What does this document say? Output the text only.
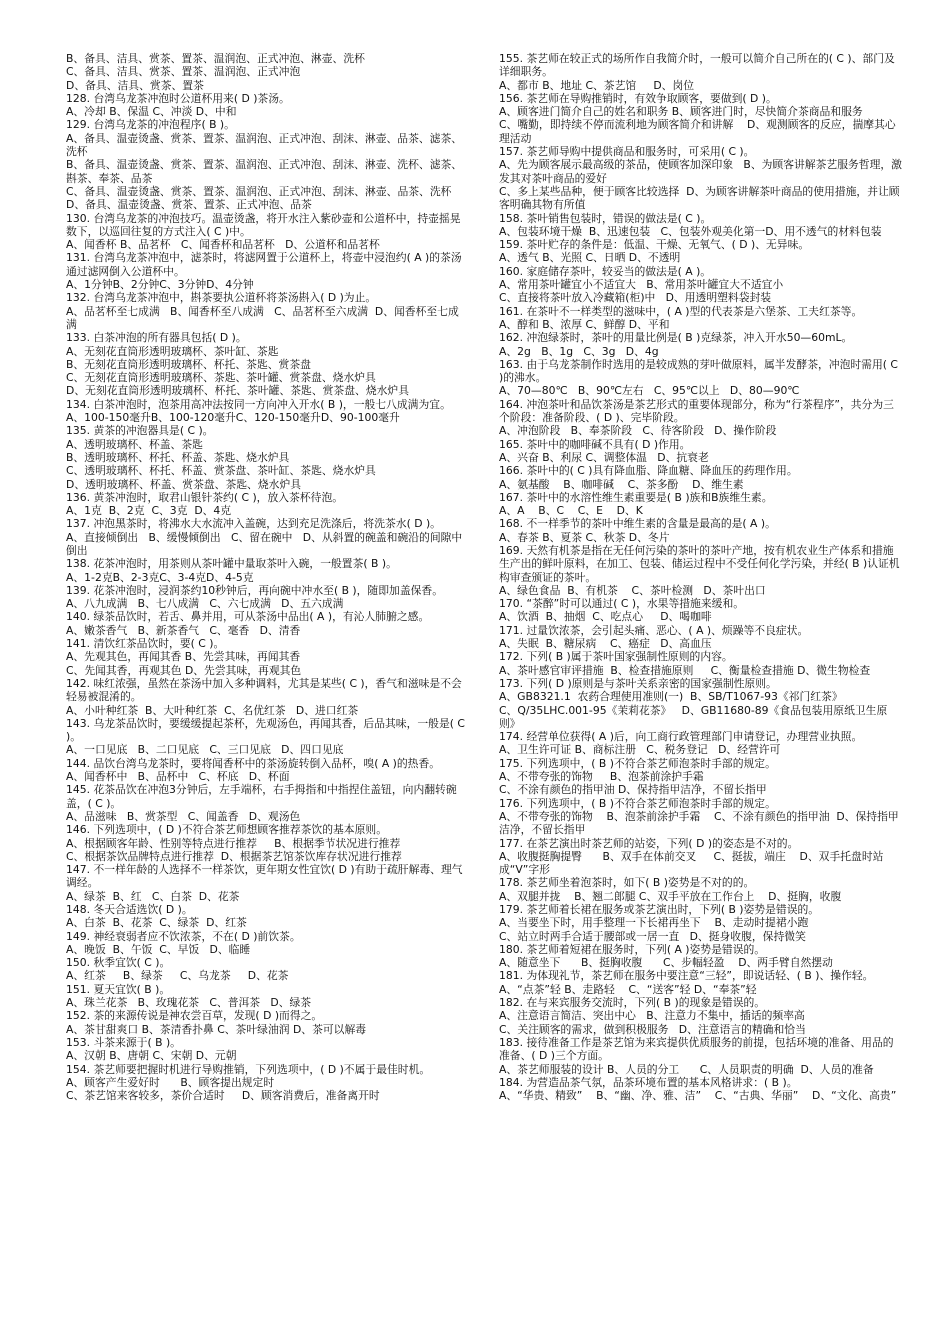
B、备具、洁具、赏茶、置茶、温润泡、正式冲泡、淋壶、洗杯
C、备具、洁具、赏茶、置茶、温润泡、正式冲泡
D、备具、洁具、赏茶、置茶
128. 台湾乌龙茶冲泡时公道杯用来( D )茶汤。
A、冷却 B、保温 C、冲淡 D、中和
129. 台湾乌龙茶的冲泡程序( B )。
A、备具、温壶烫盏、赏茶、置茶、温润泡、正式冲泡、刮沫、淋壶、品茶、滤茶、洗杯
B、备具、温壶烫盏、赏茶、置茶、温润泡、正式冲泡、刮沫、淋壶、洗杯、滤茶、斟茶、奉茶、品茶
C、备具、温壶烫盏、赏茶、置茶、温润泡、正式冲泡、刮沫、淋壶、品茶、洗杯
D、备具、温壶烫盏、赏茶、置茶、正式冲泡、品茶
130. 台湾乌龙茶的冲泡技巧。温壶烫盏，将开水注入紫砂壶和公道杯中，持壶摇晃数下，以巡回往复的方式注入( C )中。
A、闻香杯 B、品茗杯   C、闻香杯和品茗杯   D、公道杯和品茗杯
131. 台湾乌龙茶冲泡中，滤茶时，将滤网置于公道杯上，将壶中浸泡约( A )的茶汤通过滤网倒入公道杯中。
A、1分钟B、2分钟C、3分钟D、4分钟
132. 台湾乌龙茶冲泡中，斟茶要执公道杯将茶汤斟入( D )为止。
A、品茗杯至七成满   B、闻香杯至八成满   C、品茗杯至六成满  D、闻香杯至七成满
133. 白茶冲泡的所有器具包括( D )。
A、无刻花直筒形透明玻璃杯、茶叶缸、茶匙
B、无刻花直筒形透明玻璃杯、杯托、茶匙、赏茶盘
C、无刻花直筒形透明玻璃杯、茶匙、茶叶罐、赏茶盘、烧水炉具
D、无刻花直筒形透明玻璃杯、杯托、茶叶罐、茶匙、赏茶盘、烧水炉具
134. 白茶冲泡时，泡茶用高冲法按同一方向冲入开水( B )，一般七八成满为宜。
A、100-150毫升B、100-120毫升C、120-150毫升D、90-100毫升
135. 黄茶的冲泡器具是( C )。
A、透明玻璃杯、杯盖、茶匙
B、透明玻璃杯、杯托、杯盖、茶匙、烧水炉具
C、透明玻璃杯、杯托、杯盖、赏茶盘、茶叶缸、茶匙、烧水炉具
D、透明玻璃杯、杯盖、赏茶盘、茶匙、烧水炉具
136. 黄茶冲泡时，取君山银针茶约( C )，放入茶杯待泡。
A、1克  B、2克  C、3克  D、4克
137. 冲泡黑茶时，将沸水大水流冲入盖碗，达到充足洗涤后，将洗茶水( D )。
A、直接倾倒出   B、缓慢倾倒出   C、留在碗中   D、从斜置的碗盖和碗沿的间隙中倒出
138. 花茶冲泡时，用茶则从茶叶罐中量取茶叶入碗，一般置茶( B )。
A、1-2克B、2-3克C、3-4克D、4-5克
139. 花茶冲泡时，浸润茶约10秒钟后，再向碗中冲水至( B )，随即加盖保香。
A、八九成满   B、七八成满   C、六七成满   D、五六成满
140. 绿茶品饮时，若舌、鼻并用，可从茶汤中品出( A )，有沁人肺腑之感。
A、嫩茶香气   B、新茶香气   C、毫香   D、清香
141. 清饮红茶品饮时，要( C )。
A、先观其色，再闻其香 B、先尝其味，再闻其香
C、先闻其香，再观其色 D、先尝其味，再观其色
142. 味红浓强，虽然在茶汤中加入多种调料，尤其是某些( C )，香气和滋味是不会轻易被混淆的。
A、小叶种红茶  B、大叶种红茶  C、名优红茶   D、进口红茶
143. 乌龙茶品饮时，要缓缓提起茶杯，先观汤色，再闻其香，后品其味，一般是( C )。
A、一口见底   B、二口见底   C、三口见底   D、四口见底
144. 品饮台湾乌龙茶时，要将闻香杯中的茶汤旋转倒入品杯，嗅( A )的热香。
A、闻香杯中   B、品杯中   C、杯底   D、杯面
145. 花茶品饮在冲泡3分钟后，左手端杯，右手拇指和中指捏住盖钮，向内翻转碗盖，( C )。
A、品滋味   B、赏茶型   C、闻盖香   D、观汤色
146. 下列选项中，( D )不符合茶艺师想顾客推荐茶饮的基本原则。
A、根据顾客年龄、性别等特点进行推荐     B、根据季节状况进行推荐
C、根据茶饮品牌特点进行推荐  D、根据茶艺馆茶饮库存状况进行推荐
147. 不一样年龄的人选择不一样茶饮，更年期女性宜饮( D )有助于疏肝解毒、理气调经。
A、绿茶  B、红   C、白茶  D、花茶
148. 冬天合适选饮( D )。
A、白茶  B、花茶  C、绿茶  D、红茶
149. 神经衰弱者应不饮浓茶，不在( D )前饮茶。
A、晚饭  B、午饭  C、早饭   D、临睡
150. 秋季宜饮( C )。
A、红茶     B、绿茶     C、乌龙茶     D、花茶
151. 夏天宜饮( B )。
A、珠兰花茶   B、玫瑰花茶   C、普洱茶   D、绿茶
152. 茶的来源传说是神农尝百草，发现( D )而得之。
A、茶甘甜爽口 B、茶清香扑鼻 C、茶叶绿油润 D、茶可以解毒
153. 斗茶来源于( B )。
A、汉朝 B、唐朝 C、宋朝 D、元朝
154. 茶艺师要把握时机进行导购推销，下列选项中，( D )不属于最佳时机。
A、顾客产生爱好时      B、顾客提出规定时
C、茶艺馆来客较多，茶价合适时     D、顾客消费后，准备离开时
155. 茶艺师在较正式的场所作自我简介时，一般可以简介自己所在的( C )、部门及详细职务。
A、都市 B、地址 C、茶艺馆     D、岗位
156. 茶艺师在导购推销时，有效争取顾客，要做到( D )。
A、顾客进门简介自己的姓名和职务 B、顾客进门时，尽快简介茶商品和服务
C、嘴勤，即持续不停而流利地为顾客简介和讲解    D、观测顾客的反应，揣摩其心理活动
157. 茶艺师导购中提供商品和服务时，可采用( C )。
A、先为顾客展示最高级的茶品，使顾客加深印象   B、为顾客讲解茶艺服务哲理，激发其对茶叶商品的爱好
C、多上某些品种，便于顾客比较选择  D、为顾客讲解茶叶商品的使用措施，并让顾客明确其物有所值
158. 茶叶销售包装时，错误的做法是( C )。
A、包装环境干燥  B、迅速包装   C、包装外观美化第一D、用不透气的材料包装
159. 茶叶贮存的条件是：低温、干燥、无氧气、( D )、无异味。
A、透气 B、光照 C、日晒 D、不透明
160. 家庭储存茶叶，较妥当的做法是( A )。
A、常用茶叶罐宜小不适宜大   B、常用茶叶罐宜大不适宜小
C、直接将茶叶放入冷藏箱(柜)中   D、用透明塑料袋封装
161. 在茶叶不一样类型的滋味中，( A )型的代表茶是六堡茶、工夫红茶等。
A、醇和 B、浓厚 C、鲜醇 D、平和
162. 冲泡绿茶时，茶叶的用量比例是( B )克绿茶，冲入开水50—60mL。
A、2g   B、1g   C、3g   D、4g
163. 由于乌龙茶制作时选用的是较成熟的芽叶做原料，属半发酵茶，冲泡时需用( C )的沸水。
A、70—80℃   B、90℃左右   C、95℃以上   D、80—90℃
164. 冲泡茶叶和品饮茶汤是茶艺形式的重要体现部分，称为“行茶程序”，共分为三个阶段：准备阶段、( D )、完毕阶段。
A、冲泡阶段   B、奉茶阶段   C、待客阶段   D、操作阶段
165. 茶叶中的咖啡碱不具有( D )作用。
A、兴奋 B、利尿 C、调整体温   D、抗衰老
166. 茶叶中的( C )具有降血脂、降血糖、降血压的药理作用。
A、氨基酸    B、咖啡碱    C、茶多酚    D、维生素
167. 茶叶中的水溶性维生素重要是( B )族和B族维生素。
A、A    B、C    C、E    D、K
168. 不一样季节的茶叶中维生素的含量是最高的是( A )。
A、春茶 B、夏茶 C、秋茶 D、冬片
169. 天然有机茶是指在无任何污染的茶叶的茶叶产地，按有机农业生产体系和措施生产出的鲜叶原料，在加工、包装、储运过程中不受任何化学污染，并经( B )认证机构审查颁证的茶叶。
A、绿色食品  B、有机茶    C、茶叶检测   D、茶叶出口
170. “茶醉”时可以通过( C )，水果等措施来缓和。
A、饮酒  B、抽烟  C、吃点心     D、喝咖啡
171. 过量饮浓茶，会引起头痛、恶心、( A )、烦躁等不良症状。
A、失眠  B、糖尿病    C、癌症   D、高血压
172. 下列( B )属于茶叶国家强制性原则的内容。
A、茶叶感官审评措施  B、检查措施原则     C、衡量检查措施 D、微生物检查
173. 下列( D )原则是与茶叶关系亲密的国家强制性原则。
A、GB8321.1  农药合理使用准则(一)  B、SB/T1067-93《祁门红茶》
C、Q/35LHC.001-95《茉莉花茶》   D、GB11680-89《食品包装用原纸卫生原则》
174. 经营单位获得( A )后，向工商行政管理部门申请登记，办理营业执照。
A、卫生许可证 B、商标注册   C、税务登记   D、经营许可
175. 下列选项中，( B )不符合茶艺师泡茶时手部的规定。
A、不带夸张的饰物     B、泡茶前涂护手霜
C、不涂有颜色的指甲油 D、保持指甲洁净，不留长指甲
176. 下列选项中，( B )不符合茶艺师泡茶时手部的规定。
A、不带夸张的饰物    B、泡茶前涂护手霜    C、不涂有颜色的指甲油  D、保持指甲洁净，不留长指甲
177. 在茶艺演出时茶艺师的站姿，下列( D )的姿态是不对的。
A、收腹挺胸提臀      B、双手在体前交叉     C、挺拔，端庄    D、双手托盘时站成“V”字形
178. 茶艺师坐着泡茶时，如下( B )姿势是不对的的。
A、双腿并拢    B、翘二郎腿 C、双手平放在工作台上    D、挺胸，收腹
179. 茶艺师着长裙在服务或茶艺演出时，下列( B )姿势是错误的。
A、当要坐下时，用手整理一下长裙再坐下    B、走动时提裙小跑
C、站立时两手合适于腰部或一居一直   D、挺身收腹，保持微笑
180. 茶艺师着短裙在服务时，下列( A )姿势是错误的。
A、随意坐下      B、挺胸收腹      C、步幅轻盈    D、两手臂自然摆动
181. 为体现礼节，茶艺师在服务中要注意“三轻”，即说话轻、( B )、操作轻。
A、“点茶”轻 B、走路轻    C、“送客”轻 D、“奉茶”轻
182. 在与来宾服务交流时，下列( B )的现象是错误的。
A、注意语言简洁、突出中心   B、注意力不集中，插话的频率高
C、关注顾客的需求，做到积极服务   D、注意语言的精确和恰当
183. 接待准备工作是茶艺馆为来宾提供优质服务的前提，包括环境的准备、用品的准备、( D )三个方面。
A、茶艺师服装的设计 B、人员的分工      C、人员职责的明确  D、人员的准备
184. 为营造品茶气氛，品茶环境布置的基本风格讲求：( B )。
A、“华贵、精致”    B、“幽、净、雅、洁”    C、“古典、华丽”    D、“文化、高贵”
